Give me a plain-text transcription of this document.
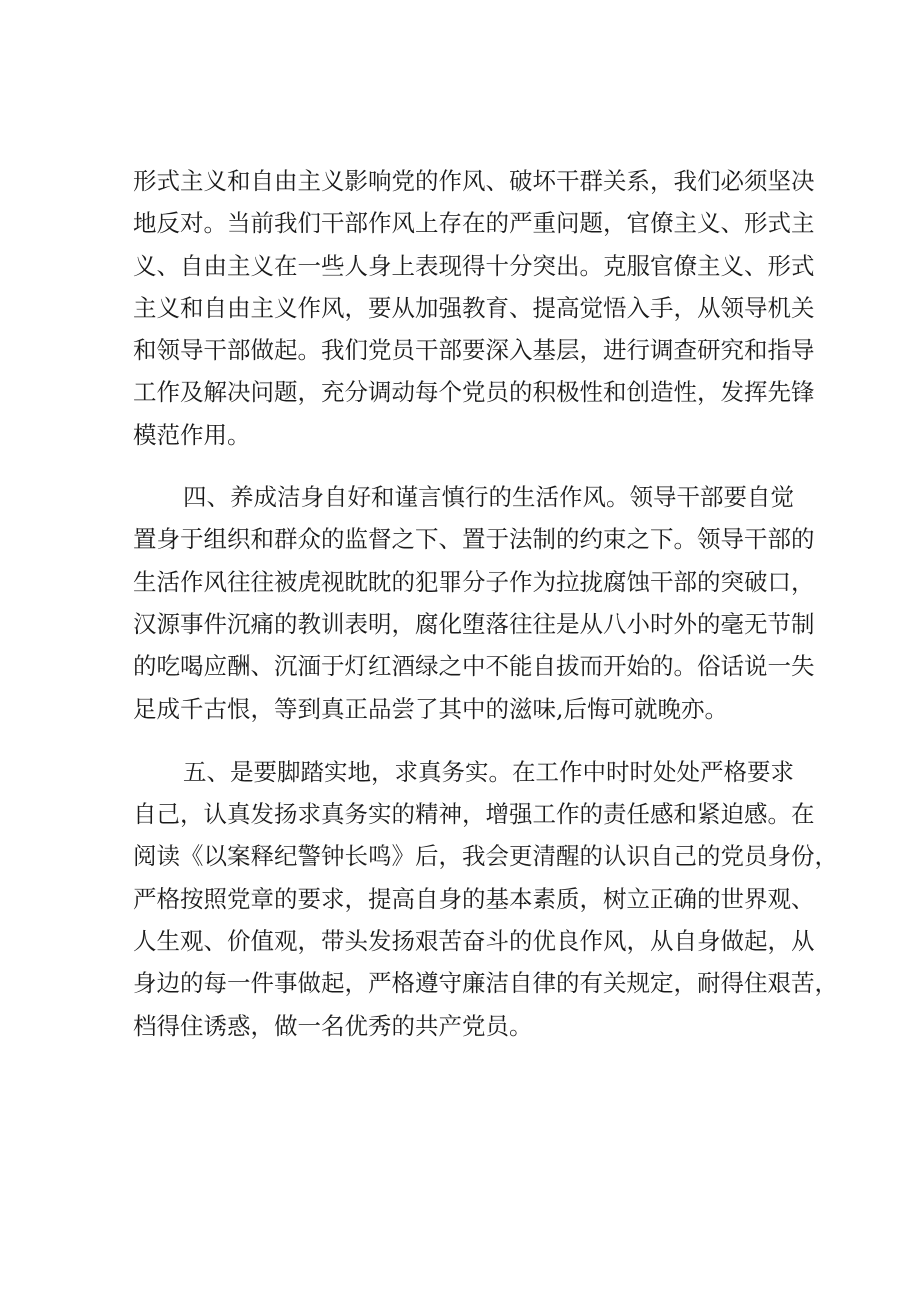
形式主义和自由主义影响党的作风、破坏干群关系，我们必须坚决
地反对。当前我们干部作风上存在的严重问题，官僚主义、形式主
义、自由主义在一些人身上表现得十分突出。克服官僚主义、形式
主义和自由主义作风，要从加强教育、提高觉悟入手，从领导机关
和领导干部做起。我们党员干部要深入基层，进行调查研究和指导
工作及解决问题，充分调动每个党员的积极性和创造性，发挥先锋
模范作用。

四、养成洁身自好和谨言慎行的生活作风。领导干部要自觉
置身于组织和群众的监督之下、置于法制的约束之下。领导干部的
生活作风往往被虎视眈眈的犯罪分子作为拉拢腐蚀干部的突破口，
汉源事件沉痛的教训表明，腐化堕落往往是从八小时外的毫无节制
的吃喝应酬、沉湎于灯红酒绿之中不能自拔而开始的。俗话说一失
足成千古恨，等到真正品尝了其中的滋味,后悔可就晚亦。

五、是要脚踏实地，求真务实。在工作中时时处处严格要求
自己，认真发扬求真务实的精神，增强工作的责任感和紧迫感。在
阅读《以案释纪警钟长鸣》后，我会更清醒的认识自己的党员身份，
严格按照党章的要求，提高自身的基本素质，树立正确的世界观、
人生观、价值观，带头发扬艰苦奋斗的优良作风，从自身做起，从
身边的每一件事做起，严格遵守廉洁自律的有关规定，耐得住艰苦，
档得住诱惑，做一名优秀的共产党员。
